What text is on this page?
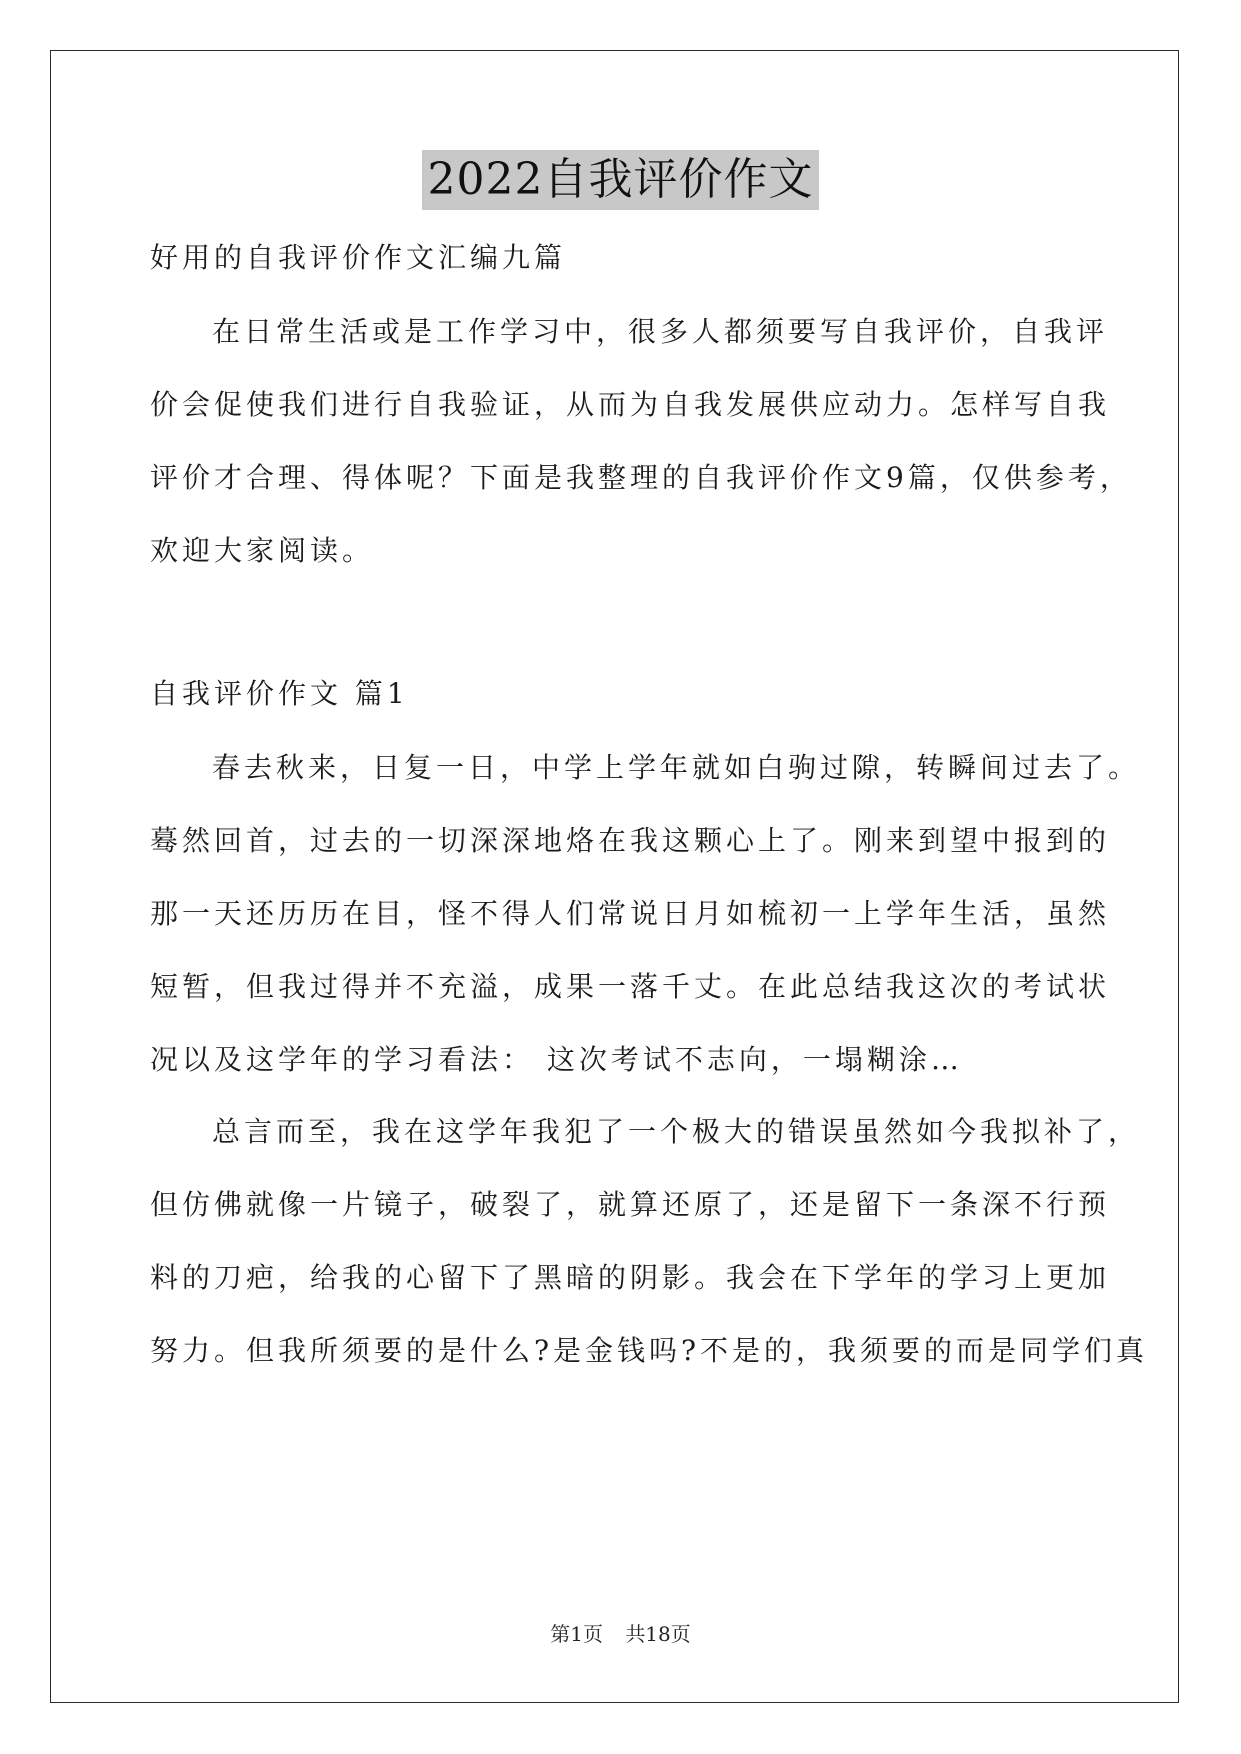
2022自我评价作文
好用的自我评价作文汇编九篇
在日常生活或是工作学习中，很多人都须要写自我评价，自我评
价会促使我们进行自我验证，从而为自我发展供应动力。怎样写自我
评价才合理、得体呢？下面是我整理的自我评价作文9篇，仅供参考，
欢迎大家阅读。
自我评价作文 篇1
春去秋来，日复一日，中学上学年就如白驹过隙，转瞬间过去了。
蓦然回首，过去的一切深深地烙在我这颗心上了。刚来到望中报到的
那一天还历历在目，怪不得人们常说日月如梳初一上学年生活，虽然
短暂，但我过得并不充溢，成果一落千丈。在此总结我这次的考试状
况以及这学年的学习看法： 这次考试不志向，一塌糊涂…
总言而至，我在这学年我犯了一个极大的错误虽然如今我拟补了，
但仿佛就像一片镜子，破裂了，就算还原了，还是留下一条深不行预
料的刀疤，给我的心留下了黑暗的阴影。我会在下学年的学习上更加
努力。但我所须要的是什么?是金钱吗?不是的，我须要的而是同学们真
第1页 共18页
